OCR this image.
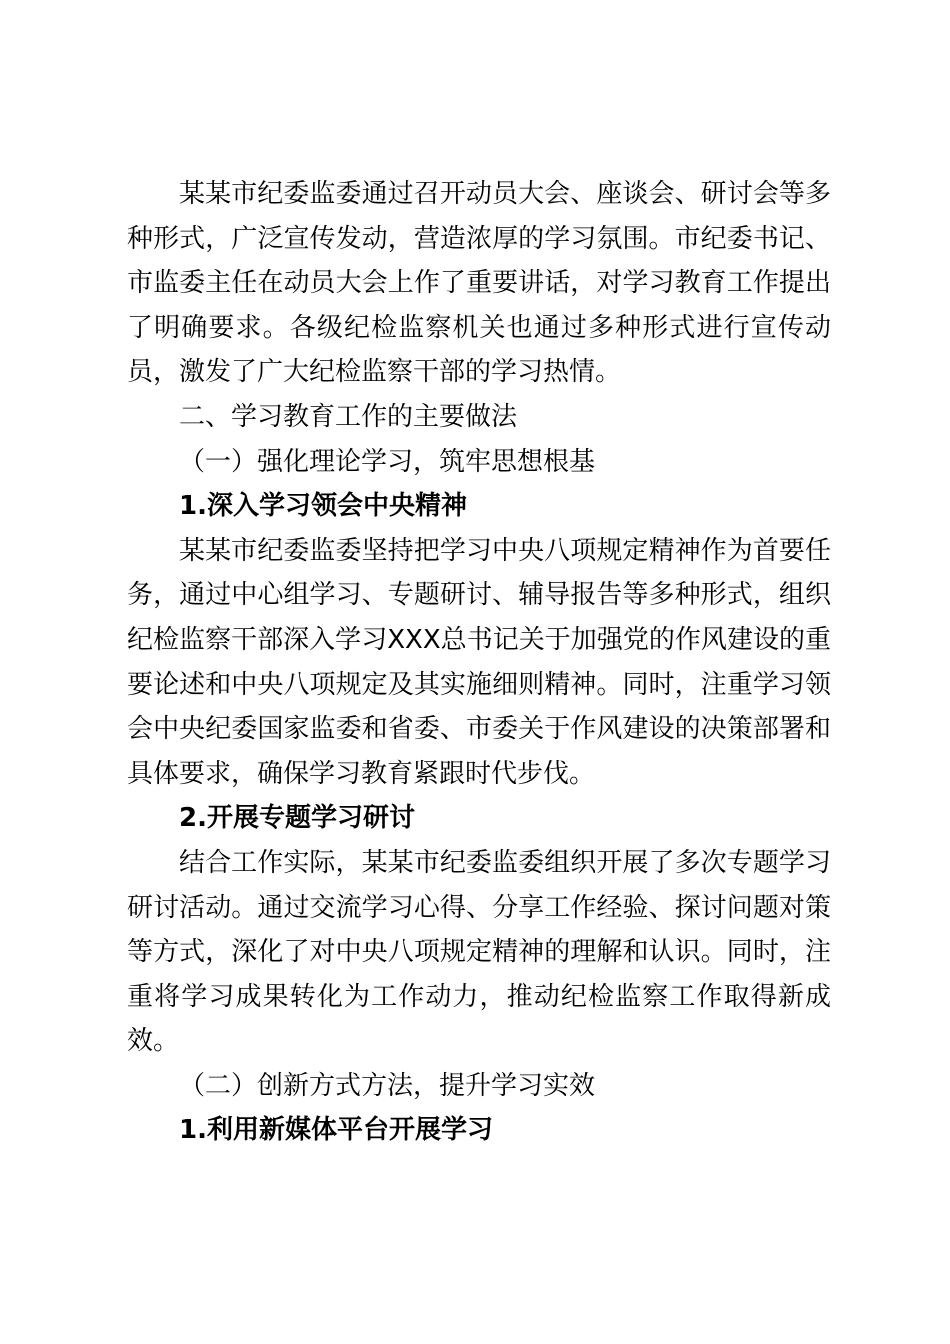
某某市纪委监委通过召开动员大会、座谈会、研讨会等多种形式，广泛宣传发动，营造浓厚的学习氛围。市纪委书记、市监委主任在动员大会上作了重要讲话，对学习教育工作提出了明确要求。各级纪检监察机关也通过多种形式进行宣传动员，激发了广大纪检监察干部的学习热情。

二、学习教育工作的主要做法

（一）强化理论学习，筑牢思想根基

1.深入学习领会中央精神

某某市纪委监委坚持把学习中央八项规定精神作为首要任务，通过中心组学习、专题研讨、辅导报告等多种形式，组织纪检监察干部深入学习XXX总书记关于加强党的作风建设的重要论述和中央八项规定及其实施细则精神。同时，注重学习领会中央纪委国家监委和省委、市委关于作风建设的决策部署和具体要求，确保学习教育紧跟时代步伐。

2.开展专题学习研讨

结合工作实际，某某市纪委监委组织开展了多次专题学习研讨活动。通过交流学习心得、分享工作经验、探讨问题对策等方式，深化了对中央八项规定精神的理解和认识。同时，注重将学习成果转化为工作动力，推动纪检监察工作取得新成效。

（二）创新方式方法，提升学习实效

1.利用新媒体平台开展学习
